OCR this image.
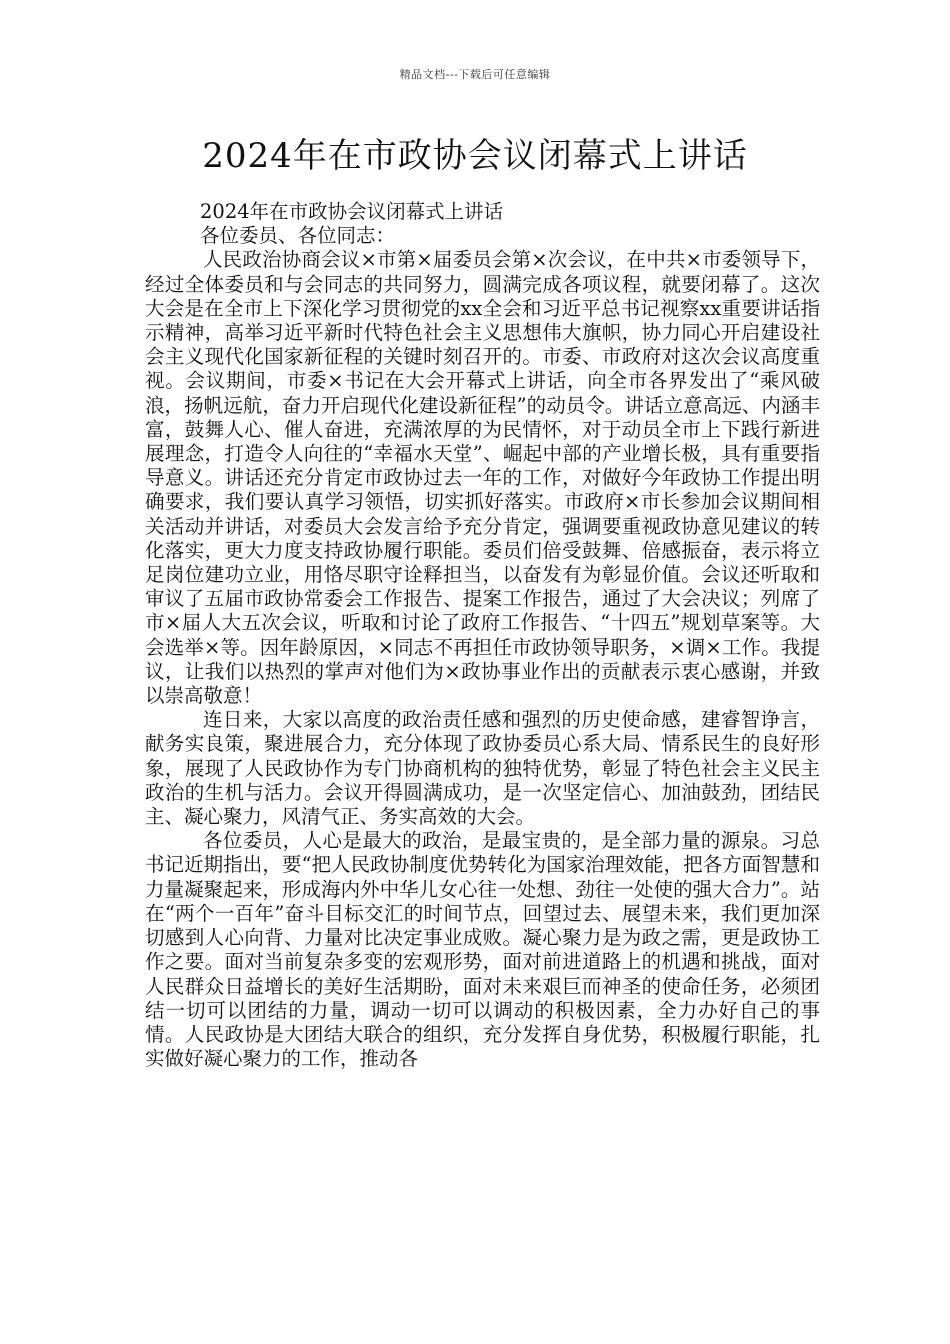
精品文档---下载后可任意编辑
2024年在市政协会议闭幕式上讲话

2024年在市政协会议闭幕式上讲话

各位委员、各位同志：

人民政治协商会议×市第×届委员会第×次会议，在中共×市委领导下，经过全体委员和与会同志的共同努力，圆满完成各项议程，就要闭幕了。这次大会是在全市上下深化学习贯彻党的xx全会和习近平总书记视察xx重要讲话指示精神，高举习近平新时代特色社会主义思想伟大旗帜，协力同心开启建设社会主义现代化国家新征程的关键时刻召开的。市委、市政府对这次会议高度重视。会议期间，市委×书记在大会开幕式上讲话，向全市各界发出了“乘风破浪，扬帆远航，奋力开启现代化建设新征程”的动员令。讲话立意高远、内涵丰富，鼓舞人心、催人奋进，充满浓厚的为民情怀，对于动员全市上下践行新进展理念，打造令人向往的“幸福水天堂”、崛起中部的产业增长极，具有重要指导意义。讲话还充分肯定市政协过去一年的工作，对做好今年政协工作提出明确要求，我们要认真学习领悟，切实抓好落实。市政府×市长参加会议期间相关活动并讲话，对委员大会发言给予充分肯定，强调要重视政协意见建议的转化落实，更大力度支持政协履行职能。委员们倍受鼓舞、倍感振奋，表示将立足岗位建功立业，用恪尽职守诠释担当，以奋发有为彰显价值。会议还听取和审议了五届市政协常委会工作报告、提案工作报告，通过了大会决议；列席了市×届人大五次会议，听取和讨论了政府工作报告、“十四五”规划草案等。大会选举×等。因年龄原因，×同志不再担任市政协领导职务，×调×工作。我提议，让我们以热烈的掌声对他们为×政协事业作出的贡献表示衷心感谢，并致以崇高敬意！

连日来，大家以高度的政治责任感和强烈的历史使命感，建睿智诤言，献务实良策，聚进展合力，充分体现了政协委员心系大局、情系民生的良好形象，展现了人民政协作为专门协商机构的独特优势，彰显了特色社会主义民主政治的生机与活力。会议开得圆满成功，是一次坚定信心、加油鼓劲，团结民主、凝心聚力，风清气正、务实高效的大会。

各位委员，人心是最大的政治，是最宝贵的，是全部力量的源泉。习总书记近期指出，要“把人民政协制度优势转化为国家治理效能，把各方面智慧和力量凝聚起来，形成海内外中华儿女心往一处想、劲往一处使的强大合力”。站在“两个一百年”奋斗目标交汇的时间节点，回望过去、展望未来，我们更加深切感到人心向背、力量对比决定事业成败。凝心聚力是为政之需，更是政协工作之要。面对当前复杂多变的宏观形势，面对前进道路上的机遇和挑战，面对人民群众日益增长的美好生活期盼，面对未来艰巨而神圣的使命任务，必须团结一切可以团结的力量，调动一切可以调动的积极因素，全力办好自己的事情。人民政协是大团结大联合的组织，充分发挥自身优势，积极履行职能，扎实做好凝心聚力的工作，推动各
